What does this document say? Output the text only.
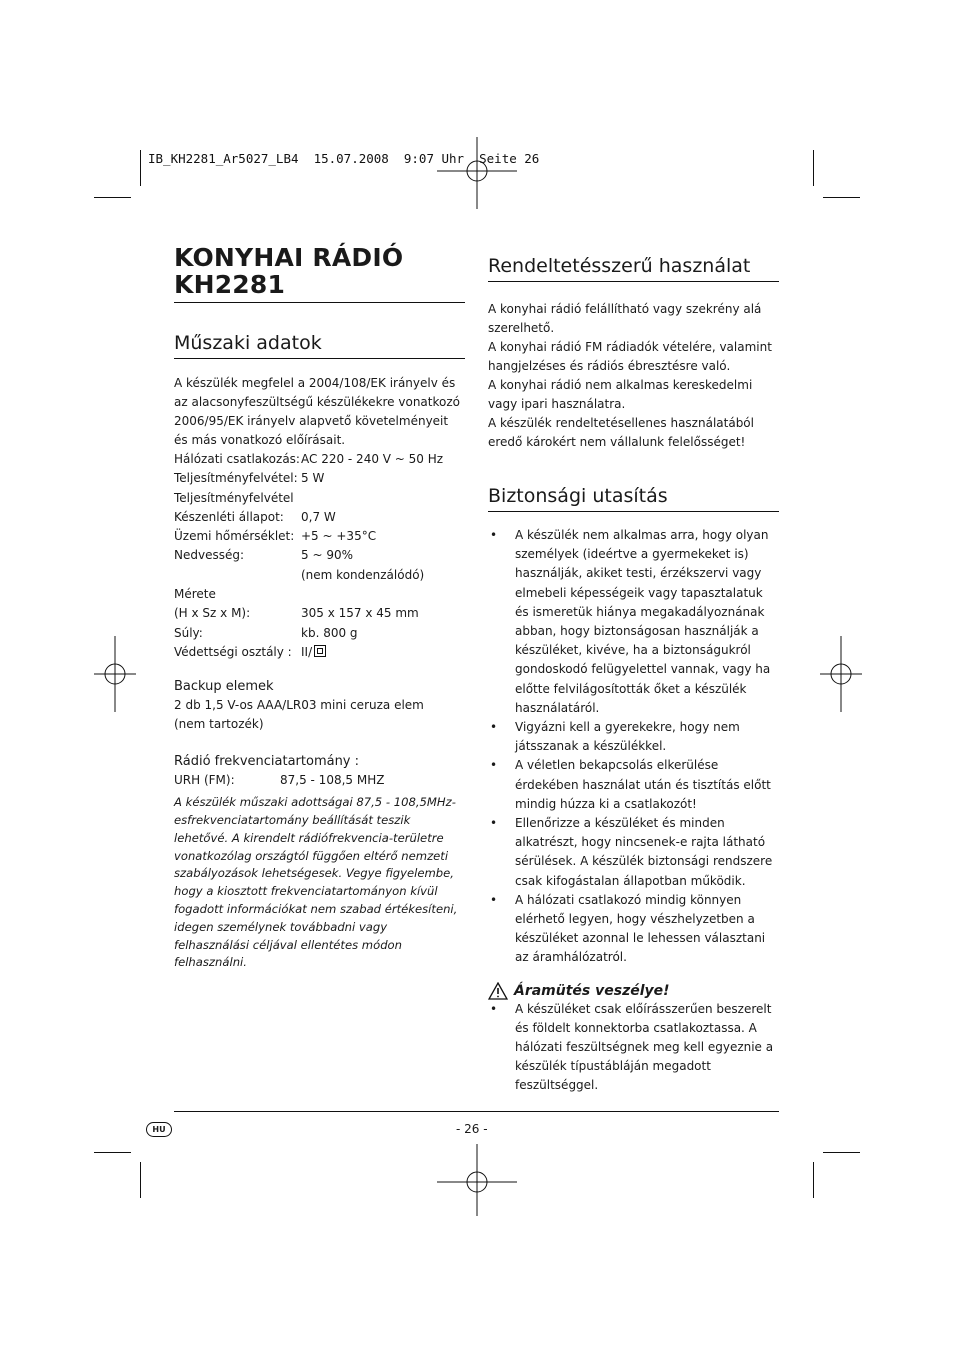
IB_KH2281_Ar5027_LB4  15.07.2008  9:07 Uhr  Seite 26
KONYHAI RÁDIÓ
KH2281
Műszaki adatok

A készülék megfelel a 2004/108/EK irányelv és az alacsonyfeszültségű készülékekre vonatkozó 2006/95/EK irányelv alapvető követelményeit és más vonatkozó előírásait.

Hálózati csatlakozás: AC 220 - 240 V ~ 50 Hz
Teljesítményfelvétel: 5 W
Teljesítményfelvétel
Készenléti állapot:	0,7 W
Üzemi hőmérséklet: +5 ~ +35°C
Nedvesség:	5 ~ 90%
(nem kondenzálódó)
Mérete
(H x Sz x M):	305 x 157 x 45 mm
Súly:	kb. 800 g
Védettségi osztály : II/

Backup elemek

2 db 1,5 V-os AAA/LR03 mini ceruza elem

(nem tartozék)

Rádió frekvenciatartomány :

URH (FM):	87,5 - 108,5 MHZ

A készülék műszaki adottságai 87,5 - 108,5MHz-esfrekvenciatartomány beállítását teszik lehetővé. A kirendelt rádiófrekvencia-területre vonatkozólag országtól függően eltérő nemzeti szabályozások lehetségesek. Vegye figyelembe, hogy a kiosztott frekvenciatartományon kívül fogadott információkat nem szabad értékesíteni, idegen személynek továbbadni vagy felhasználási céljával ellentétes módon felhasználni.

Rendeltetésszerű használat

A konyhai rádió felállítható vagy szekrény alá szerelhető.

A konyhai rádió FM rádiadók vételére, valamint hangjelzéses és rádiós ébresztésre való.

A konyhai rádió nem alkalmas kereskedelmi vagy ipari használatra.

A készülék rendeltetésellenes használatából eredő károkért nem vállalunk felelősséget!

Biztonsági utasítás
• A készülék nem alkalmas arra, hogy olyan személyek (ideértve a gyermekeket is) használják, akiket testi, érzékszervi vagy elmebeli képességeik vagy tapasztalatuk és ismeretük hiánya megakadályoznának abban, hogy biztonságosan használják a készüléket, kivéve, ha a biztonságukról gondoskodó felügyelettel vannak, vagy ha előtte felvilágosították őket a készülék használatáról.
• Vigyázni kell a gyerekekre, hogy nem játsszanak a készülékkel.
• A véletlen bekapcsolás elkerülése érdekében használat után és tisztítás előtt mindig húzza ki a csatlakozót!
• Ellenőrizze a készüléket és minden alkatrészt, hogy nincsenek-e rajta látható sérülések. A készülék biztonsági rendszere csak kifogástalan állapotban működik.
• A hálózati csatlakozó mindig könnyen elérhető legyen, hogy vészhelyzetben a készüléket azonnal le lehessen választani az áramhálózatról.
Áramütés veszélye!
• A készüléket csak előírásszerűen beszerelt és földelt konnektorba csatlakoztassa. A hálózati feszültségnek meg kell egyeznie a készülék típustábláján megadott feszültséggel.
HU	- 26 -
